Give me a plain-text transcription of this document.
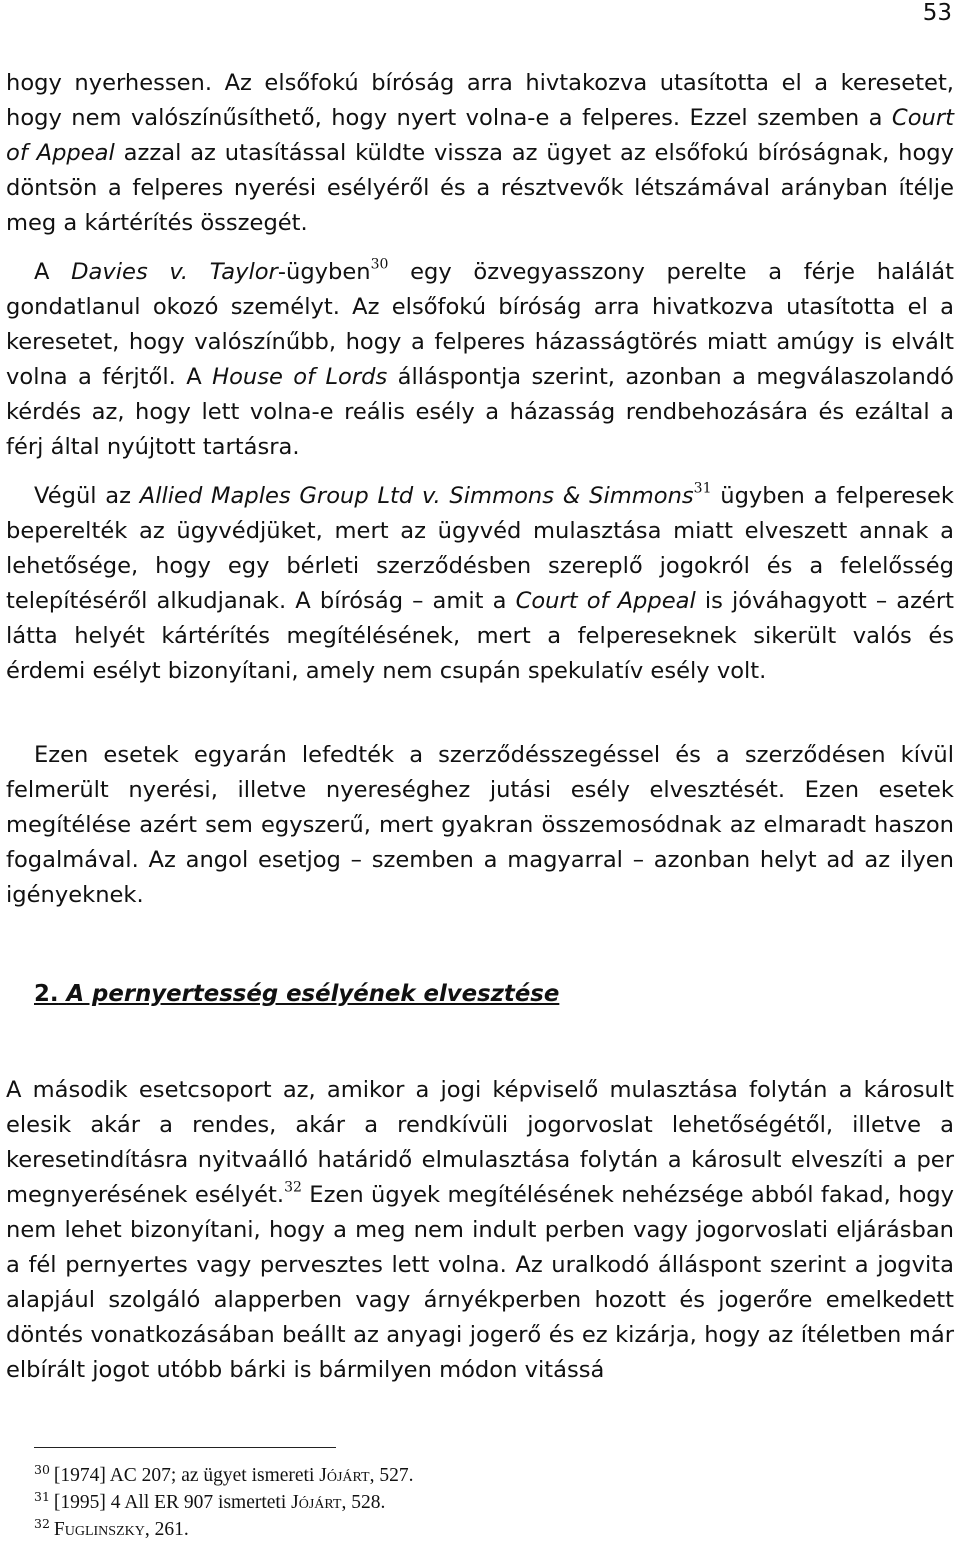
53
hogy nyerhessen. Az elsőfokú bíróság arra hivtakozva utasította el a keresetet, hogy nem valószínűsíthető, hogy nyert volna-e a felperes. Ezzel szemben a Court of Appeal azzal az utasítással küldte vissza az ügyet az elsőfokú bíróságnak, hogy döntsön a felperes nyerési esélyéről és a résztvevők létszámával arányban ítélje meg a kártérítés összegét.
A Davies v. Taylor-ügyben$^{30}$ egy özvegyasszony perelte a férje halálát gondatlanul okozó személyt. Az elsőfokú bíróság arra hivatkozva utasította el a keresetet, hogy valószínűbb, hogy a felperes házasságtörés miatt amúgy is elvált volna a férjtől. A House of Lords álláspontja szerint, azonban a megválaszolandó kérdés az, hogy lett volna-e reális esély a házasság rendbehozására és ezáltal a férj által nyújtott tartásra.
Végül az Allied Maples Group Ltd v. Simmons & Simmons$^{31}$ ügyben a felperesek beperelték az ügyvédjüket, mert az ügyvéd mulasztása miatt elveszett annak a lehetősége, hogy egy bérleti szerződésben szereplő jogokról és a felelősség telepítéséről alkudjanak. A bíróság – amit a Court of Appeal is jóváhagyott – azért látta helyét kártérítés megítélésének, mert a felpereseknek sikerült valós és érdemi esélyt bizonyítani, amely nem csupán spekulatív esély volt.
Ezen esetek egyarán lefedték a szerződésszegéssel és a szerződésen kívül felmerült nyerési, illetve nyereséghez jutási esély elvesztését. Ezen esetek megítélése azért sem egyszerű, mert gyakran összemosódnak az elmaradt haszon fogalmával. Az angol esetjog – szemben a magyarral – azonban helyt ad az ilyen igényeknek.
2. A pernyertesség esélyének elvesztése
A második esetcsoport az, amikor a jogi képviselő mulasztása folytán a károsult elesik akár a rendes, akár a rendkívüli jogorvoslat lehetőségétől, illetve a keresetindításra nyitvaálló határidő elmulasztása folytán a károsult elveszíti a per megnyerésének esélyét.$^{32}$ Ezen ügyek megítélésének nehézsége abból fakad, hogy nem lehet bizonyítani, hogy a meg nem indult perben vagy jogorvoslati eljárásban a fél pernyertes vagy pervesztes lett volna. Az uralkodó álláspont szerint a jogvita alapjául szolgáló alapperben vagy árnyékperben hozott és jogerőre emelkedett döntés vonatkozásában beállt az anyagi jogerő és ez kizárja, hogy az ítéletben már elbírált jogot utóbb bárki is bármilyen módon vitássá
$^{30}$ [1974] AC 207; az ügyet ismereti Jójárt, 527.
$^{31}$ [1995] 4 All ER 907 ismerteti Jójárt, 528.
$^{32}$ Fuglinszky, 261.
